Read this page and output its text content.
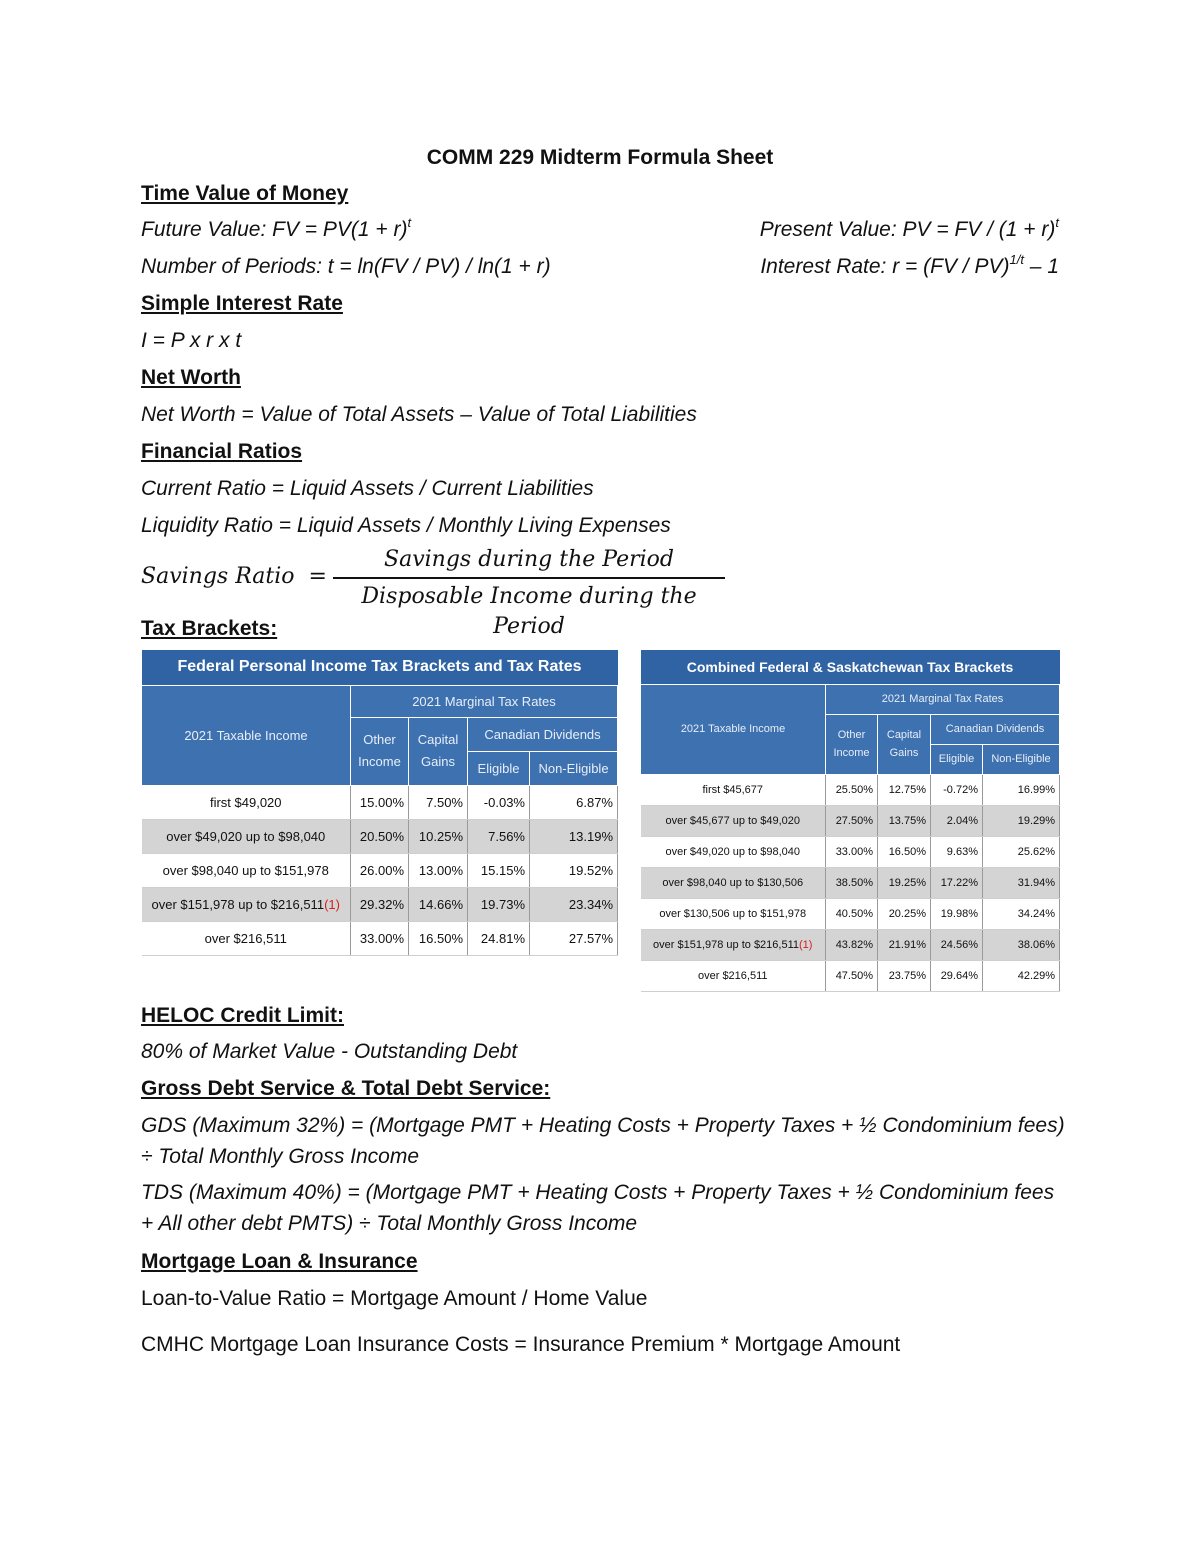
COMM 229 Midterm Formula Sheet
Time Value of Money
Future Value: FV = $PV(1 + r)^t$	Present Value: PV = FV / $(1 + r)^t$
Number of Periods: t = ln(FV / PV) / ln(1 + r)	Interest Rate: r = (FV / PV)$^{1/t}$ – 1
Simple Interest Rate
I = P x r x t
Net Worth
Net Worth = Value of Total Assets – Value of Total Liabilities
Financial Ratios
Current Ratio = Liquid Assets / Current Liabilities
Liquidity Ratio = Liquid Assets / Monthly Living Expenses
Savings Ratio  =
Savings during the Period
Disposable Income during the Period
Tax Brackets:
Federal Personal Income Tax Brackets and Tax Rates				
2021 Taxable Income	2021 Marginal Tax Rates			
	Other Income	Capital Gains	Canadian Dividends	
			Eligible	Non-Eligible
first $49,020	15.00%	7.50%	-0.03%	6.87%
over $49,020 up to $98,040	20.50%	10.25%	7.56%	13.19%
over $98,040 up to $151,978	26.00%	13.00%	15.15%	19.52%
over $151,978 up to $216,511(1)	29.32%	14.66%	19.73%	23.34%
over $216,511	33.00%	16.50%	24.81%	27.57%
Combined Federal & Saskatchewan Tax Brackets				
2021 Taxable Income	2021 Marginal Tax Rates			
	Other Income	Capital Gains	Canadian Dividends	
			Eligible	Non-Eligible
first $45,677	25.50%	12.75%	-0.72%	16.99%
over $45,677 up to $49,020	27.50%	13.75%	2.04%	19.29%
over $49,020 up to $98,040	33.00%	16.50%	9.63%	25.62%
over $98,040 up to $130,506	38.50%	19.25%	17.22%	31.94%
over $130,506 up to $151,978	40.50%	20.25%	19.98%	34.24%
over $151,978 up to $216,511(1)	43.82%	21.91%	24.56%	38.06%
over $216,511	47.50%	23.75%	29.64%	42.29%
HELOC Credit Limit:
80% of Market Value - Outstanding Debt
Gross Debt Service & Total Debt Service:
GDS (Maximum 32%) = (Mortgage PMT + Heating Costs + Property Taxes + ½ Condominium fees) ÷ Total Monthly Gross Income
TDS (Maximum 40%) = (Mortgage PMT + Heating Costs + Property Taxes + ½ Condominium fees + All other debt PMTS) ÷ Total Monthly Gross Income
Mortgage Loan & Insurance
Loan-to-Value Ratio = Mortgage Amount / Home Value
CMHC Mortgage Loan Insurance Costs = Insurance Premium * Mortgage Amount
